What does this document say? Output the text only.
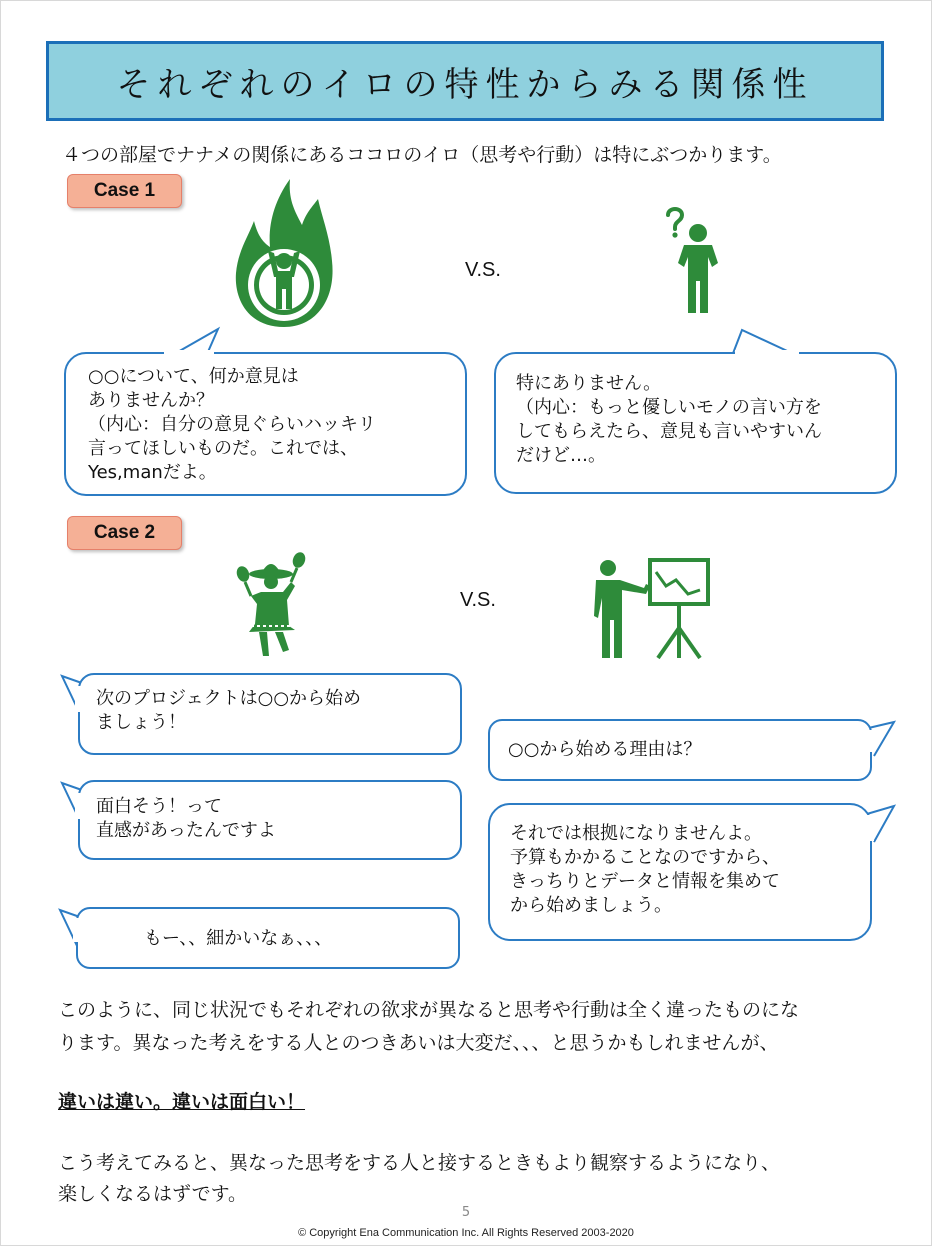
それぞれのイロの特性からみる関係性
４つの部屋でナナメの関係にあるココロのイロ（思考や行動）は特にぶつかります。
Case 1
V.S.
○○について、何か意見は
ありませんか？
（内心：自分の意見ぐらいハッキリ
言ってほしいものだ。これでは、
Yes,manだよ。
特にありません。
（内心：もっと優しいモノの言い方を
してもらえたら、意見も言いやすいん
だけど…。
Case 2
V.S.
次のプロジェクトは○○から始め
ましょう！
面白そう！って
直感があったんですよ
もー、、細かいなぁ、、、
○○から始める理由は？
それでは根拠になりませんよ。
予算もかかることなのですから、
きっちりとデータと情報を集めて
から始めましょう。
このように、同じ状況でもそれぞれの欲求が異なると思考や行動は全く違ったものにな
ります。異なった考えをする人とのつきあいは大変だ、、、と思うかもしれませんが、
違いは違い。違いは面白い！
こう考えてみると、異なった思考をする人と接するときもより観察するようになり、
楽しくなるはずです。
5
© Copyright Ena Communication Inc. All Rights Reserved 2003-2020
